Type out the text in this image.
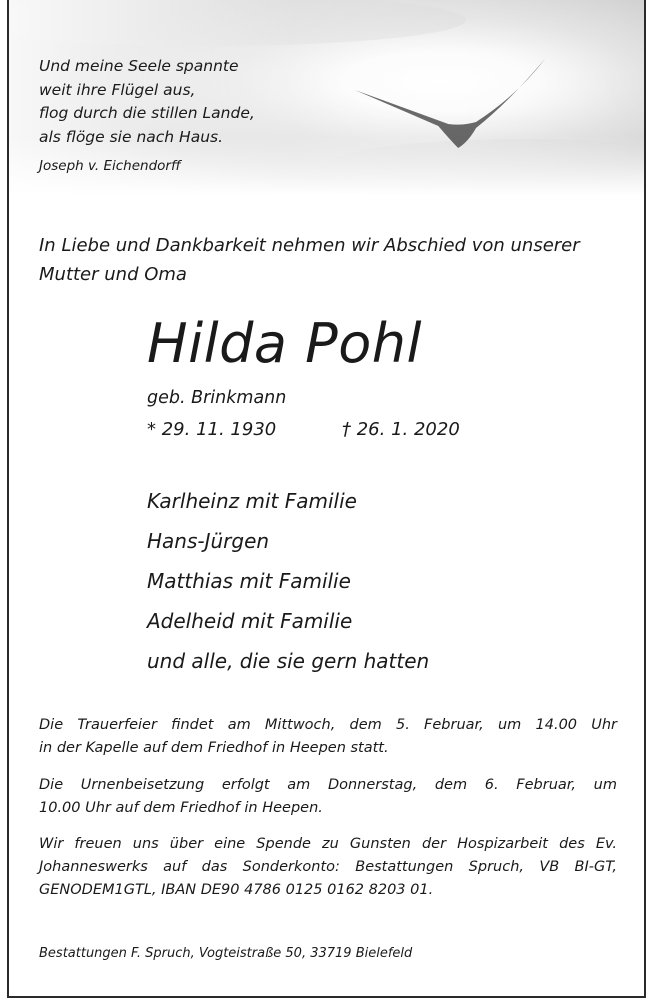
Und meine Seele spannte
weit ihre Flügel aus,
flog durch die stillen Lande,
als flöge sie nach Haus.
Joseph v. Eichendorff
In Liebe und Dankbarkeit nehmen wir Abschied von unserer
Mutter und Oma
Hilda Pohl
geb. Brinkmann
* 29. 11. 1930	† 26. 1. 2020
Karlheinz mit Familie
Hans-Jürgen
Matthias mit Familie
Adelheid mit Familie
und alle, die sie gern hatten
Die Trauerfeier findet am Mittwoch, dem 5. Februar, um 14.00 Uhr
in der Kapelle auf dem Friedhof in Heepen statt.
Die Urnenbeisetzung erfolgt am Donnerstag, dem 6. Februar, um
10.00 Uhr auf dem Friedhof in Heepen.
Wir freuen uns über eine Spende zu Gunsten der Hospizarbeit des Ev.
Johanneswerks auf das Sonderkonto: Bestattungen Spruch, VB BI-GT,
GENODEM1GTL, IBAN DE90 4786 0125 0162 8203 01.
Bestattungen F. Spruch, Vogteistraße 50, 33719 Bielefeld
